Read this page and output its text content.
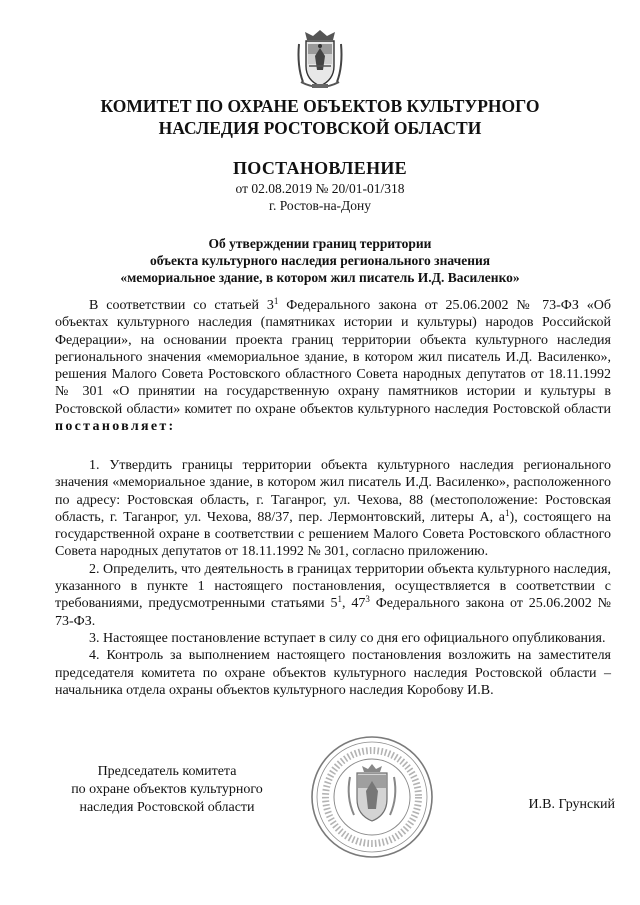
КОМИТЕТ ПО ОХРАНЕ ОБЪЕКТОВ КУЛЬТУРНОГО
НАСЛЕДИЯ РОСТОВСКОЙ ОБЛАСТИ
ПОСТАНОВЛЕНИЕ
от 02.08.2019 № 20/01-01/318
г. Ростов-на-Дону
Об утверждении границ территории
объекта культурного наследия регионального значения
«мемориальное здание, в котором жил писатель И.Д. Василенко»

В соответствии со статьей $3^1$ Федерального закона от 25.06.2002 № 73-ФЗ «Об объектах культурного наследия (памятниках истории и культуры) народов Российской Федерации», на основании проекта границ территории объекта культурного наследия регионального значения «мемориальное здание, в котором жил писатель И.Д. Василенко», решения Малого Совета Ростовского областного Совета народных депутатов от 18.11.1992 № 301 «О принятии на государственную охрану памятников истории и культуры в Ростовской области» комитет по охране объектов культурного наследия Ростовской области постановляет:

1. Утвердить границы территории объекта культурного наследия регионального значения «мемориальное здание, в котором жил писатель И.Д. Василенко», расположенного по адресу: Ростовская область, г. Таганрог, ул. Чехова, 88 (местоположение: Ростовская область, г. Таганрог, ул. Чехова, 88/37, пер. Лермонтовский, литеры А, $а^1$), состоящего на государственной охране в соответствии с решением Малого Совета Ростовского областного Совета народных депутатов от 18.11.1992 № 301, согласно приложению.

2. Определить, что деятельность в границах территории объекта культурного наследия, указанного в пункте 1 настоящего постановления, осуществляется в соответствии с требованиями, предусмотренными статьями $5^1$, $47^3$ Федерального закона от 25.06.2002 № 73-ФЗ.

3. Настоящее постановление вступает в силу со дня его официального опубликования.

4. Контроль за выполнением настоящего постановления возложить на заместителя председателя комитета по охране объектов культурного наследия Ростовской области – начальника отдела охраны объектов культурного наследия Коробову И.В.

Председатель комитета
по охране объектов культурного
наследия Ростовской области	И.В. Грунский
